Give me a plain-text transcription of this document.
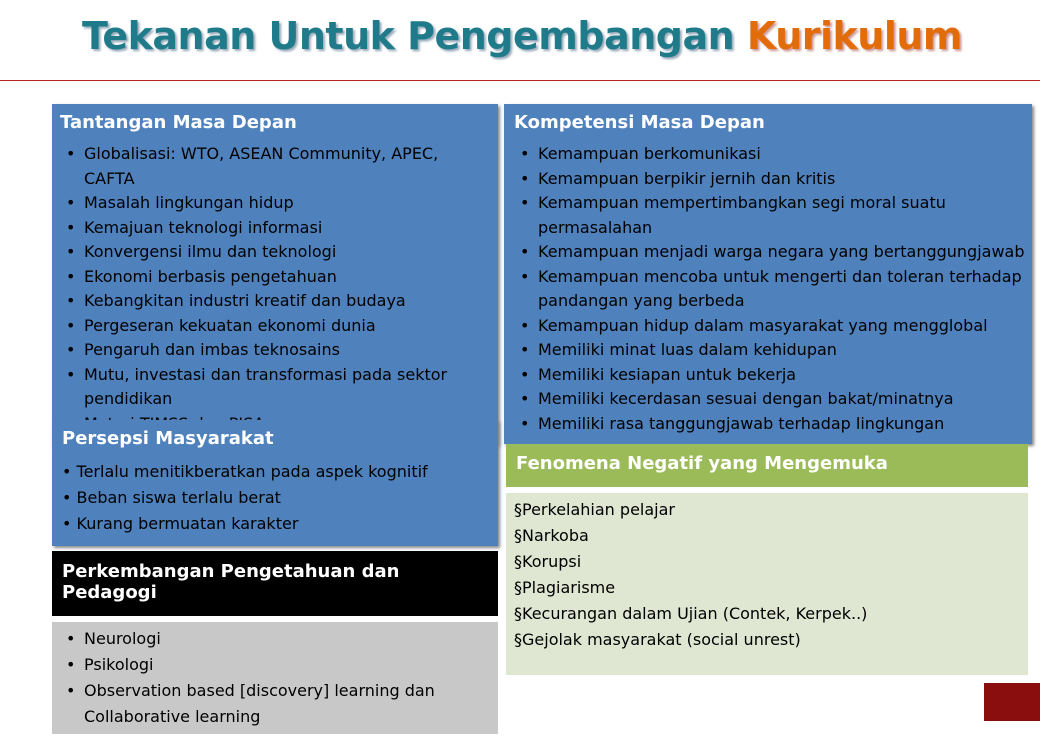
Tekanan Untuk Pengembangan Kurikulum
Tantangan Masa Depan
• Globalisasi: WTO, ASEAN Community, APEC, CAFTA
• Masalah lingkungan hidup
• Kemajuan teknologi informasi
• Konvergensi ilmu dan teknologi
• Ekonomi berbasis pengetahuan
• Kebangkitan industri kreatif dan budaya
• Pergeseran kekuatan ekonomi dunia
• Pengaruh dan imbas teknosains
• Mutu, investasi dan transformasi pada sektor pendidikan
•
Kompetensi Masa Depan
• Kemampuan berkomunikasi
• Kemampuan berpikir jernih dan kritis
• Kemampuan mempertimbangkan segi moral suatu permasalahan
• Kemampuan menjadi warga negara yang bertanggungjawab
• Kemampuan mencoba untuk mengerti dan toleran terhadap pandangan yang berbeda
• Kemampuan hidup dalam masyarakat yang mengglobal
• Memiliki minat luas dalam kehidupan
• Memiliki kesiapan untuk bekerja
• Memiliki kecerdasan sesuai dengan bakat/minatnya
• Memiliki rasa tanggungjawab terhadap lingkungan
Persepsi Masyarakat
• Terlalu menitikberatkan pada aspek kognitif
• Beban siswa terlalu berat
• Kurang bermuatan karakter
Perkembangan Pengetahuan dan Pedagogi
• Neurologi
• Psikologi
• Observation based [discovery] learning dan Collaborative learning
Fenomena Negatif yang Mengemuka
§Perkelahian pelajar
§Narkoba
§Korupsi
§Plagiarisme
§Kecurangan dalam Ujian (Contek, Kerpek..)
§Gejolak masyarakat (social unrest)
